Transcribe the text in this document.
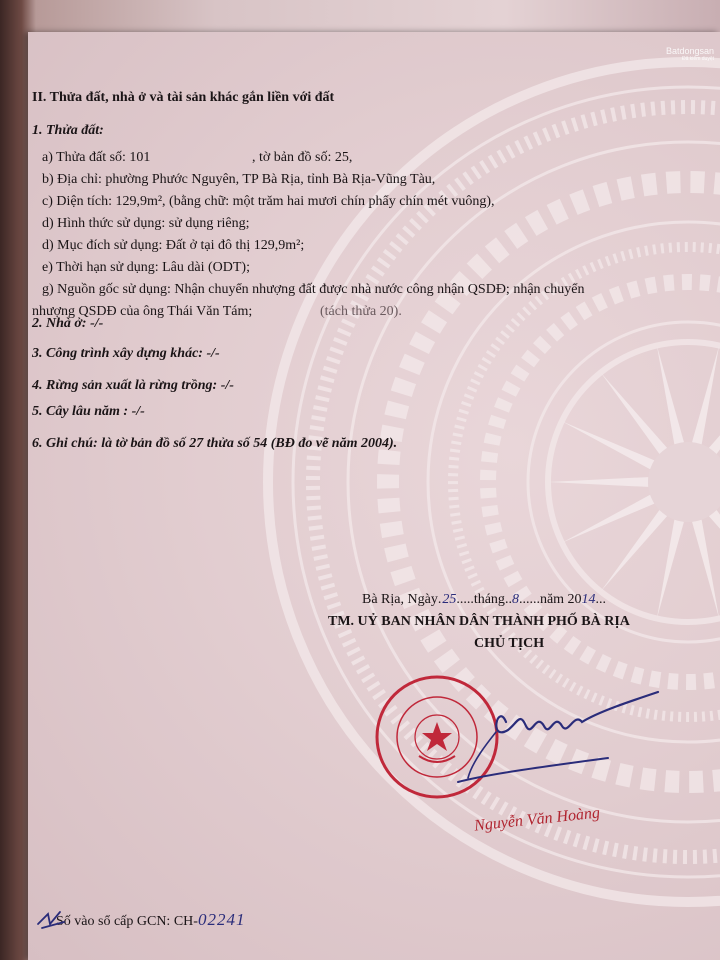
Batdongsan
Ðã kiểm duyệt
II. Thửa đất, nhà ở và tài sản khác gắn liền với đất
1. Thửa đất:
a) Thửa đất số: 101	, tờ bản đồ số: 25,
b) Địa chỉ: phường Phước Nguyên, TP Bà Rịa, tỉnh Bà Rịa-Vũng Tàu,
c) Diện tích: 129,9m², (bằng chữ: một trăm hai mươi chín phẩy chín mét vuông),
d) Hình thức sử dụng: sử dụng riêng;
d) Mục đích sử dụng: Đất ở tại đô thị 129,9m²;
e) Thời hạn sử dụng: Lâu dài (ODT);
g) Nguồn gốc sử dụng: Nhận chuyển nhượng đất được nhà nước công nhận QSDĐ; nhận chuyển
nhượng QSDĐ của ông Thái Văn Tám;	(tách thửa 20).
2. Nhà ở: -/-
3. Công trình xây dựng khác: -/-
4. Rừng sản xuất là rừng trồng: -/-
5. Cây lâu năm : -/-
6. Ghi chú: là tờ bản đồ số 27 thửa số 54 (BĐ đo vẽ năm 2004).
Bà Rịa, Ngày.25.....tháng..8......năm 2014...
TM. UỶ BAN NHÂN DÂN THÀNH PHỐ BÀ RỊA
CHỦ TỊCH
Nguyễn Văn Hoàng
Số vào sổ cấp GCN: CH-02241
